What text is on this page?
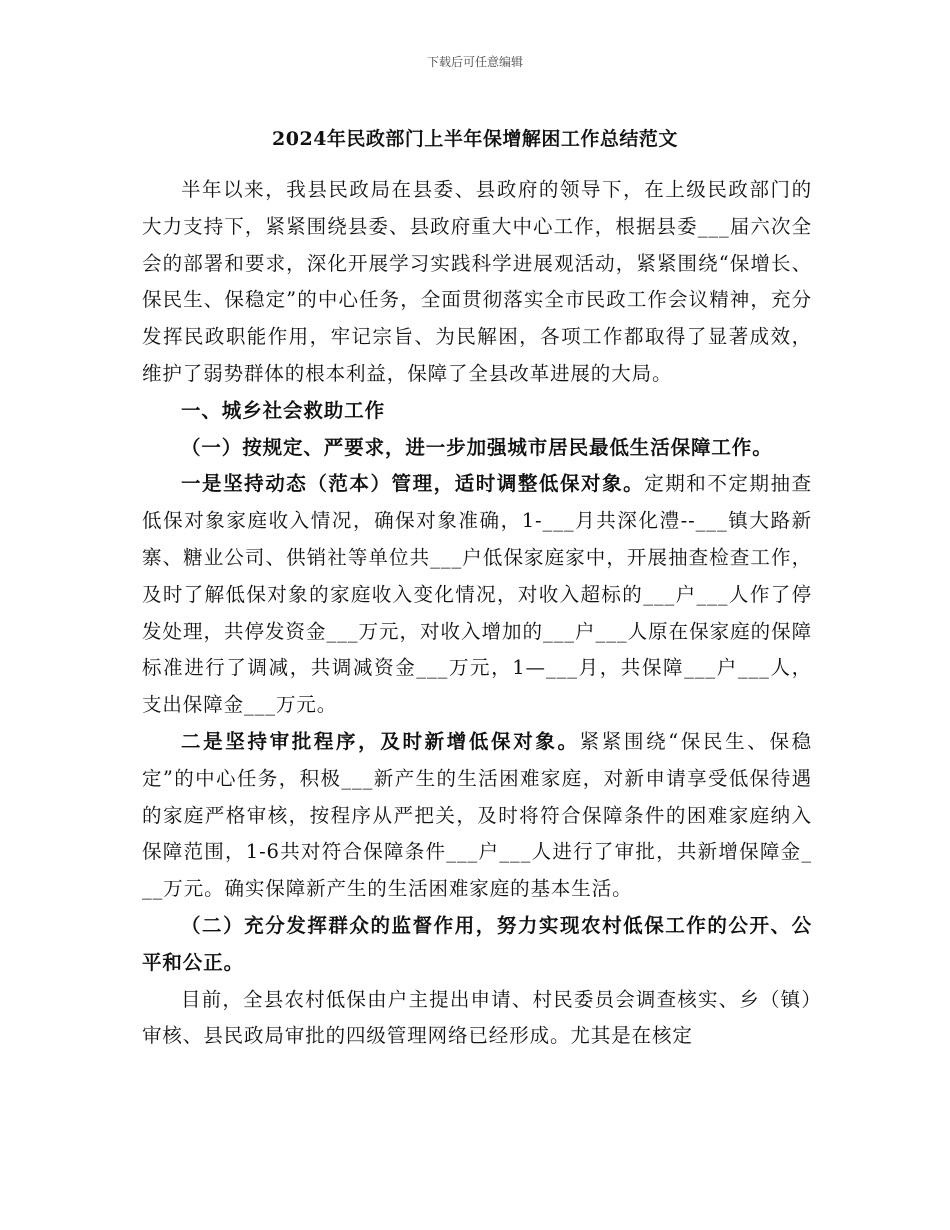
下载后可任意编辑
2024年民政部门上半年保增解困工作总结范文

半年以来，我县民政局在县委、县政府的领导下，在上级民政部门的大力支持下，紧紧围绕县委、县政府重大中心工作，根据县委___届六次全会的部署和要求，深化开展学习实践科学进展观活动，紧紧围绕“保增长、保民生、保稳定”的中心任务，全面贯彻落实全市民政工作会议精神，充分发挥民政职能作用，牢记宗旨、为民解困，各项工作都取得了显著成效，维护了弱势群体的根本利益，保障了全县改革进展的大局。

一、城乡社会救助工作

（一）按规定、严要求，进一步加强城市居民最低生活保障工作。

一是坚持动态（范本）管理，适时调整低保对象。定期和不定期抽查低保对象家庭收入情况，确保对象准确，1-___月共深化澧--___镇大路新寨、糖业公司、供销社等单位共___户低保家庭家中，开展抽查检查工作，及时了解低保对象的家庭收入变化情况，对收入超标的___户___人作了停发处理，共停发资金___万元，对收入增加的___户___人原在保家庭的保障标准进行了调减，共调减资金___万元，1—___月，共保障___户___人，支出保障金___万元。

二是坚持审批程序，及时新增低保对象。紧紧围绕“保民生、保稳定”的中心任务，积极___新产生的生活困难家庭，对新申请享受低保待遇的家庭严格审核，按程序从严把关，及时将符合保障条件的困难家庭纳入保障范围，1-6共对符合保障条件___户___人进行了审批，共新增保障金___万元。确实保障新产生的生活困难家庭的基本生活。

（二）充分发挥群众的监督作用，努力实现农村低保工作的公开、公平和公正。

目前，全县农村低保由户主提出申请、村民委员会调查核实、乡（镇）审核、县民政局审批的四级管理网络已经形成。尤其是在核定
